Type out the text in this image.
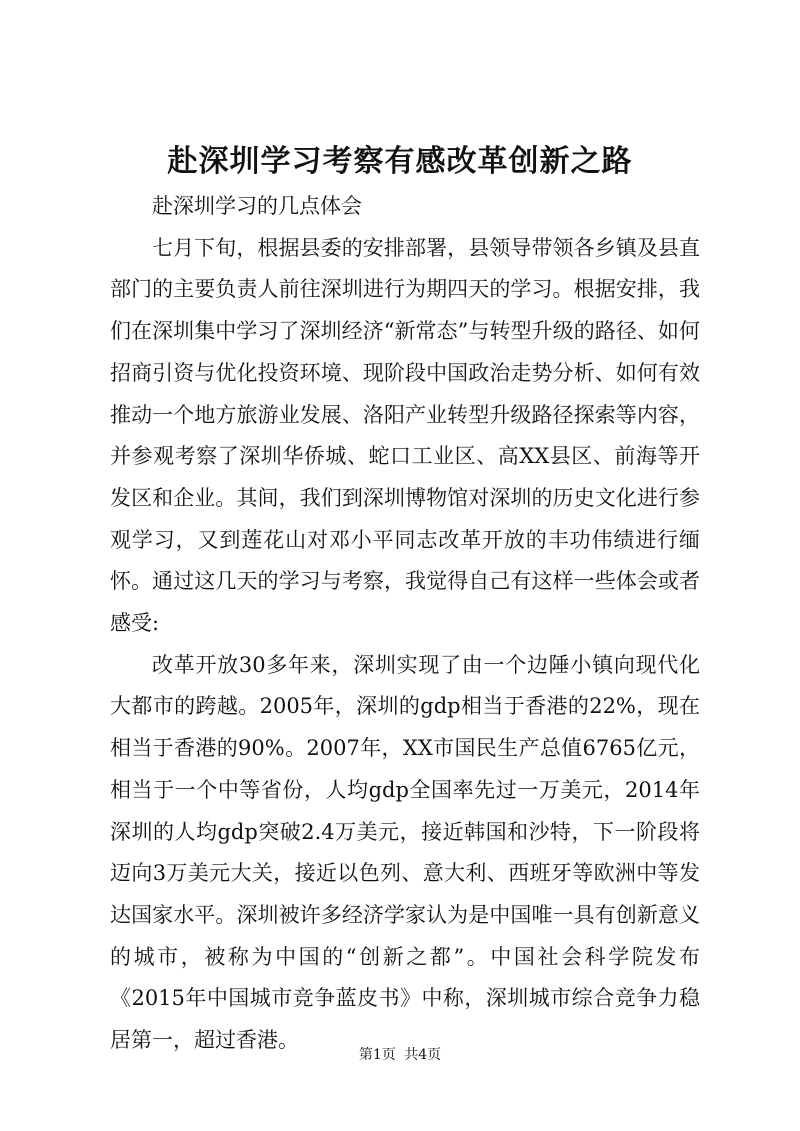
赴深圳学习考察有感改革创新之路

赴深圳学习的几点体会

七月下旬，根据县委的安排部署，县领导带领各乡镇及县直部门的主要负责人前往深圳进行为期四天的学习。根据安排，我们在深圳集中学习了深圳经济“新常态”与转型升级的路径、如何招商引资与优化投资环境、现阶段中国政治走势分析、如何有效推动一个地方旅游业发展、洛阳产业转型升级路径探索等内容，并参观考察了深圳华侨城、蛇口工业区、高XX县区、前海等开发区和企业。其间，我们到深圳博物馆对深圳的历史文化进行参观学习，又到莲花山对邓小平同志改革开放的丰功伟绩进行缅怀。通过这几天的学习与考察，我觉得自己有这样一些体会或者感受:

改革开放30多年来，深圳实现了由一个边陲小镇向现代化大都市的跨越。2005年，深圳的gdp相当于香港的22%，现在相当于香港的90%。2007年，XX市国民生产总值6765亿元，相当于一个中等省份，人均gdp全国率先过一万美元，2014年深圳的人均gdp突破2.4万美元，接近韩国和沙特，下一阶段将迈向3万美元大关，接近以色列、意大利、西班牙等欧洲中等发达国家水平。深圳被许多经济学家认为是中国唯一具有创新意义的城市，被称为中国的“创新之都”。中国社会科学院发布《2015年中国城市竞争蓝皮书》中称，深圳城市综合竞争力稳居第一，超过香港。

第1页 共4页
